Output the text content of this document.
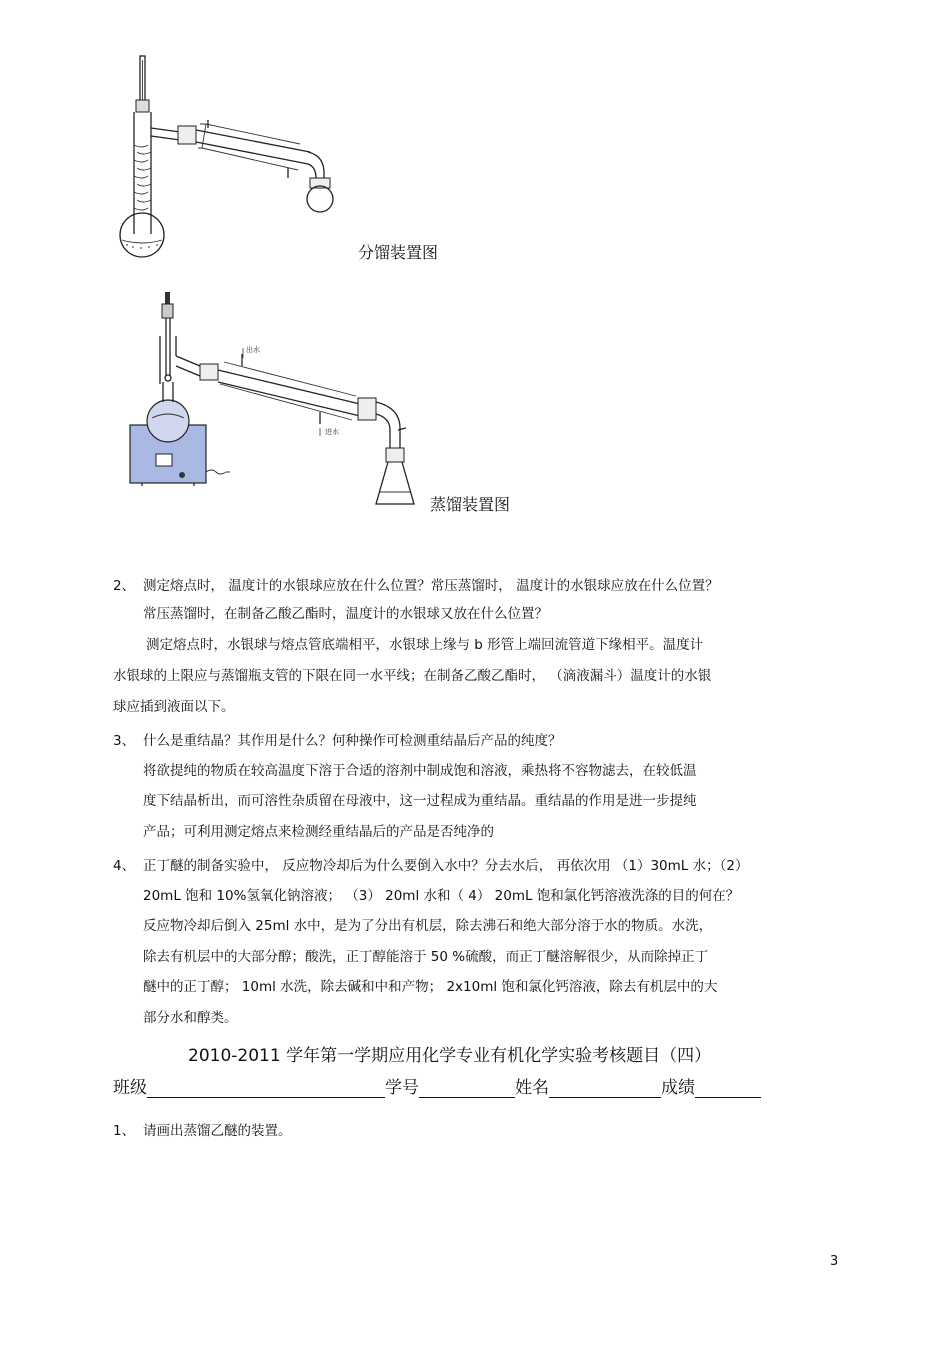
分馏装置图
出水
进水
蒸馏装置图
2、 测定熔点时， 温度计的水银球应放在什么位置？常压蒸馏时， 温度计的水银球应放在什么位置？
常压蒸馏时，在制备乙酸乙酯时，温度计的水银球又放在什么位置？
测定熔点时，水银球与熔点管底端相平，水银球上缘与 b 形管上端回流管道下缘相平。温度计
水银球的上限应与蒸馏瓶支管的下限在同一水平线；在制备乙酸乙酯时， （滴液漏斗）温度计的水银
球应插到液面以下。
3、 什么是重结晶？其作用是什么？何种操作可检测重结晶后产品的纯度？
将欲提纯的物质在较高温度下溶于合适的溶剂中制成饱和溶液，乘热将不容物滤去，在较低温
度下结晶析出，而可溶性杂质留在母液中，这一过程成为重结晶。重结晶的作用是进一步提纯
产品；可利用测定熔点来检测经重结晶后的产品是否纯净的
4、 正丁醚的制备实验中， 反应物冷却后为什么要倒入水中？分去水后， 再依次用 （1）30mL 水；（2）
20mL 饱和 10%氢氧化钠溶液； （3） 20ml 水和（ 4） 20mL 饱和氯化钙溶液洗涤的目的何在？
反应物冷却后倒入 25ml 水中，是为了分出有机层，除去沸石和绝大部分溶于水的物质。水洗，
除去有机层中的大部分醇；酸洗，正丁醇能溶于 50 %硫酸，而正丁醚溶解很少，从而除掉正丁
醚中的正丁醇； 10ml 水洗，除去碱和中和产物； 2x10ml 饱和氯化钙溶液，除去有机层中的大
部分水和醇类。
2010-2011 学年第一学期应用化学专业有机化学实验考核题目（四）
班级	学号	姓名	成绩
1、 请画出蒸馏乙醚的装置。
3
